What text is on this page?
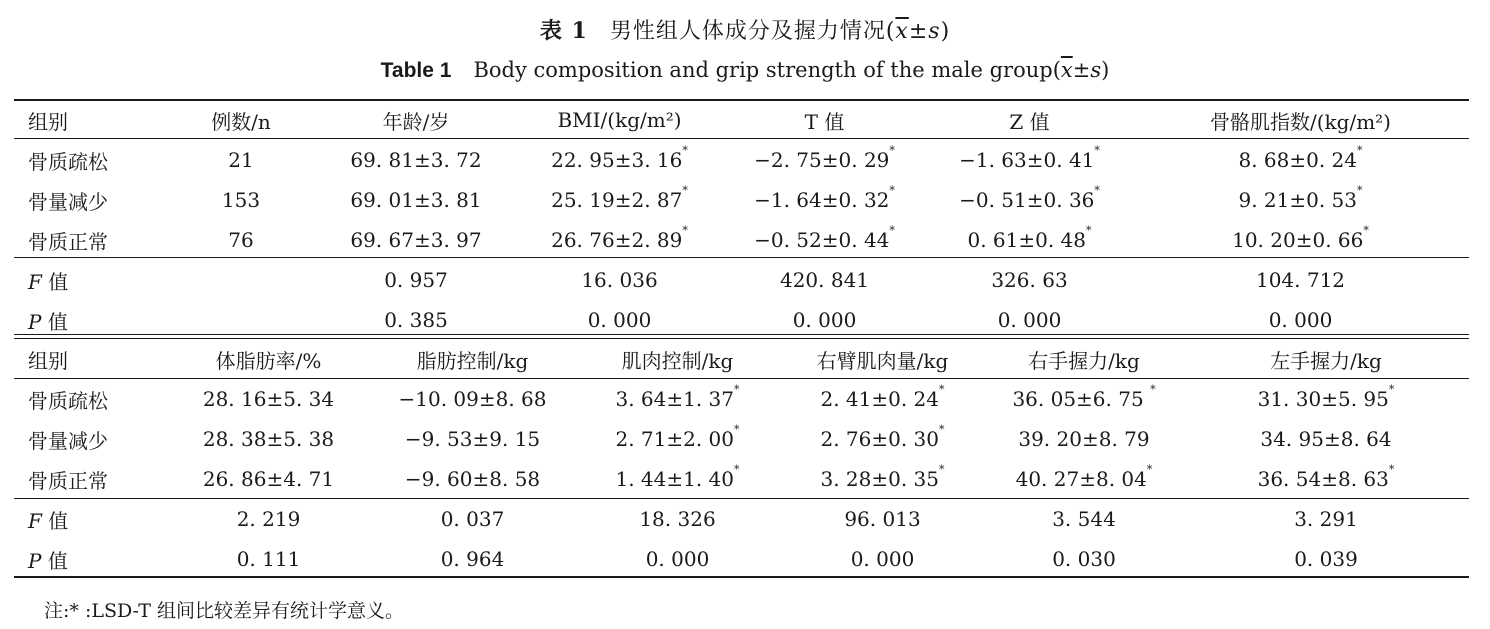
表 1 男性组人体成分及握力情况$(\overline{x}\pm s)$
Table 1 Body composition and grip strength of the male $group(\overline{x}\pm s)$
组别	例数/n	年龄/岁	BMI/(kg/m²)	T 值	Z 值	骨骼肌指数/(kg/m²)
骨质疏松	21	69. 81±3. 72	22. 95±3. 16*	−2. 75±0. 29*	−1. 63±0. 41*	8. 68±0. 24*
骨量减少	153	69. 01±3. 81	25. 19±2. 87*	−1. 64±0. 32*	−0. 51±0. 36*	9. 21±0. 53*
骨质正常	76	69. 67±3. 97	26. 76±2. 89*	−0. 52±0. 44*	0. 61±0. 48*	10. 20±0. 66*
F 值		0. 957	16. 036	420. 841	326. 63	104. 712
P 值		0. 385	0. 000	0. 000	0. 000	0. 000
组别	体脂肪率/%	脂肪控制/kg	肌肉控制/kg	右臂肌肉量/kg	右手握力/kg	左手握力/kg
骨质疏松	28. 16±5. 34	−10. 09±8. 68	3. 64±1. 37*	2. 41±0. 24*	36. 05±6. 75 *	31. 30±5. 95*
骨量减少	28. 38±5. 38	−9. 53±9. 15	2. 71±2. 00*	2. 76±0. 30*	39. 20±8. 79	34. 95±8. 64
骨质正常	26. 86±4. 71	−9. 60±8. 58	1. 44±1. 40*	3. 28±0. 35*	40. 27±8. 04*	36. 54±8. 63*
F 值	2. 219	0. 037	18. 326	96. 013	3. 544	3. 291
P 值	0. 111	0. 964	0. 000	0. 000	0. 030	0. 039
注:* :LSD-T 组间比较差异有统计学意义。
